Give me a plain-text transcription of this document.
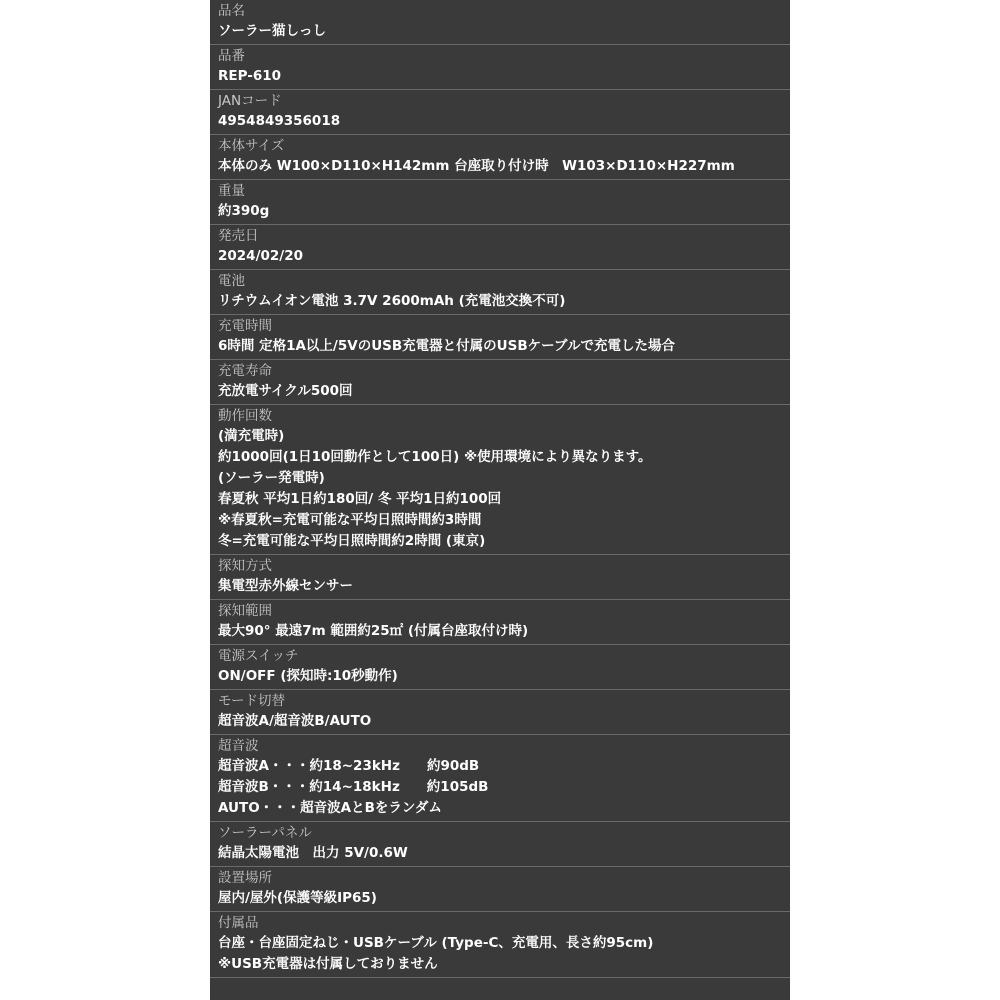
品名
ソーラー猫しっし
品番
REP-610
JANコード
4954849356018
本体サイズ
本体のみ W100×D110×H142mm 台座取り付け時　W103×D110×H227mm
重量
約390g
発売日
2024/02/20
電池
リチウムイオン電池 3.7V 2600mAh (充電池交換不可)
充電時間
6時間 定格1A以上/5VのUSB充電器と付属のUSBケーブルで充電した場合
充電寿命
充放電サイクル500回
動作回数
(満充電時)
約1000回(1日10回動作として100日) ※使用環境により異なります。
(ソーラー発電時)
春夏秋 平均1日約180回/ 冬 平均1日約100回
※春夏秋=充電可能な平均日照時間約3時間
冬=充電可能な平均日照時間約2時間 (東京)
探知方式
集電型赤外線センサー
探知範囲
最大90° 最遠7m 範囲約25㎡ (付属台座取付け時)
電源スイッチ
ON/OFF (探知時:10秒動作)
モード切替
超音波A/超音波B/AUTO
超音波
超音波A・・・約18~23kHz　　約90dB
超音波B・・・約14~18kHz　　約105dB
AUTO・・・超音波AとBをランダム
ソーラーパネル
結晶太陽電池　出力 5V/0.6W
設置場所
屋内/屋外(保護等級IP65)
付属品
台座・台座固定ねじ・USBケーブル (Type-C、充電用、長さ約95cm)
※USB充電器は付属しておりません
